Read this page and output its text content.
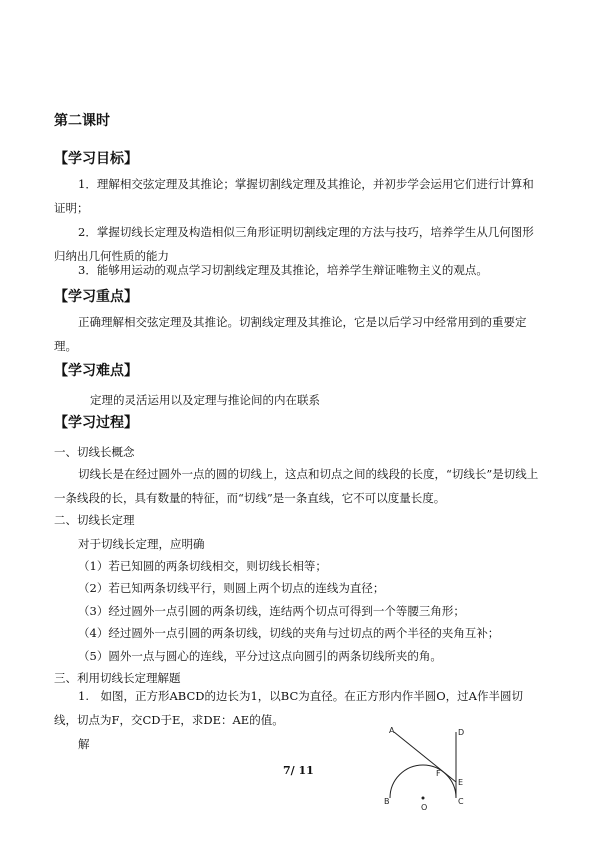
第二课时
【学习目标】
1．理解相交弦定理及其推论；掌握切割线定理及其推论，并初步学会运用它们进行计算和证明；
2．掌握切线长定理及构造相似三角形证明切割线定理的方法与技巧，培养学生从几何图形归纳出几何性质的能力
3．能够用运动的观点学习切割线定理及其推论，培养学生辩证唯物主义的观点。
【学习重点】
正确理解相交弦定理及其推论。切割线定理及其推论，它是以后学习中经常用到的重要定理。
【学习难点】
定理的灵活运用以及定理与推论间的内在联系
【学习过程】
一、切线长概念
切线长是在经过圆外一点的圆的切线上，这点和切点之间的线段的长度，“切线长”是切线上一条线段的长，具有数量的特征，而“切线”是一条直线，它不可以度量长度。
二、切线长定理
对于切线长定理，应明确
（1）若已知圆的两条切线相交，则切线长相等；
（2）若已知两条切线平行，则圆上两个切点的连线为直径；
（3）经过圆外一点引圆的两条切线，连结两个切点可得到一个等腰三角形；
（4）经过圆外一点引圆的两条切线，切线的夹角与过切点的两个半径的夹角互补；
（5）圆外一点与圆心的连线，平分过这点向圆引的两条切线所夹的角。
三、利用切线长定理解题
1.　如图，正方形ABCD的边长为1，以BC为直径。在正方形内作半圆O，过A作半圆切线，切点为F，交CD于E，求DE：AE的值。
解
A	D
F
E
B
O
C
7/ 11
